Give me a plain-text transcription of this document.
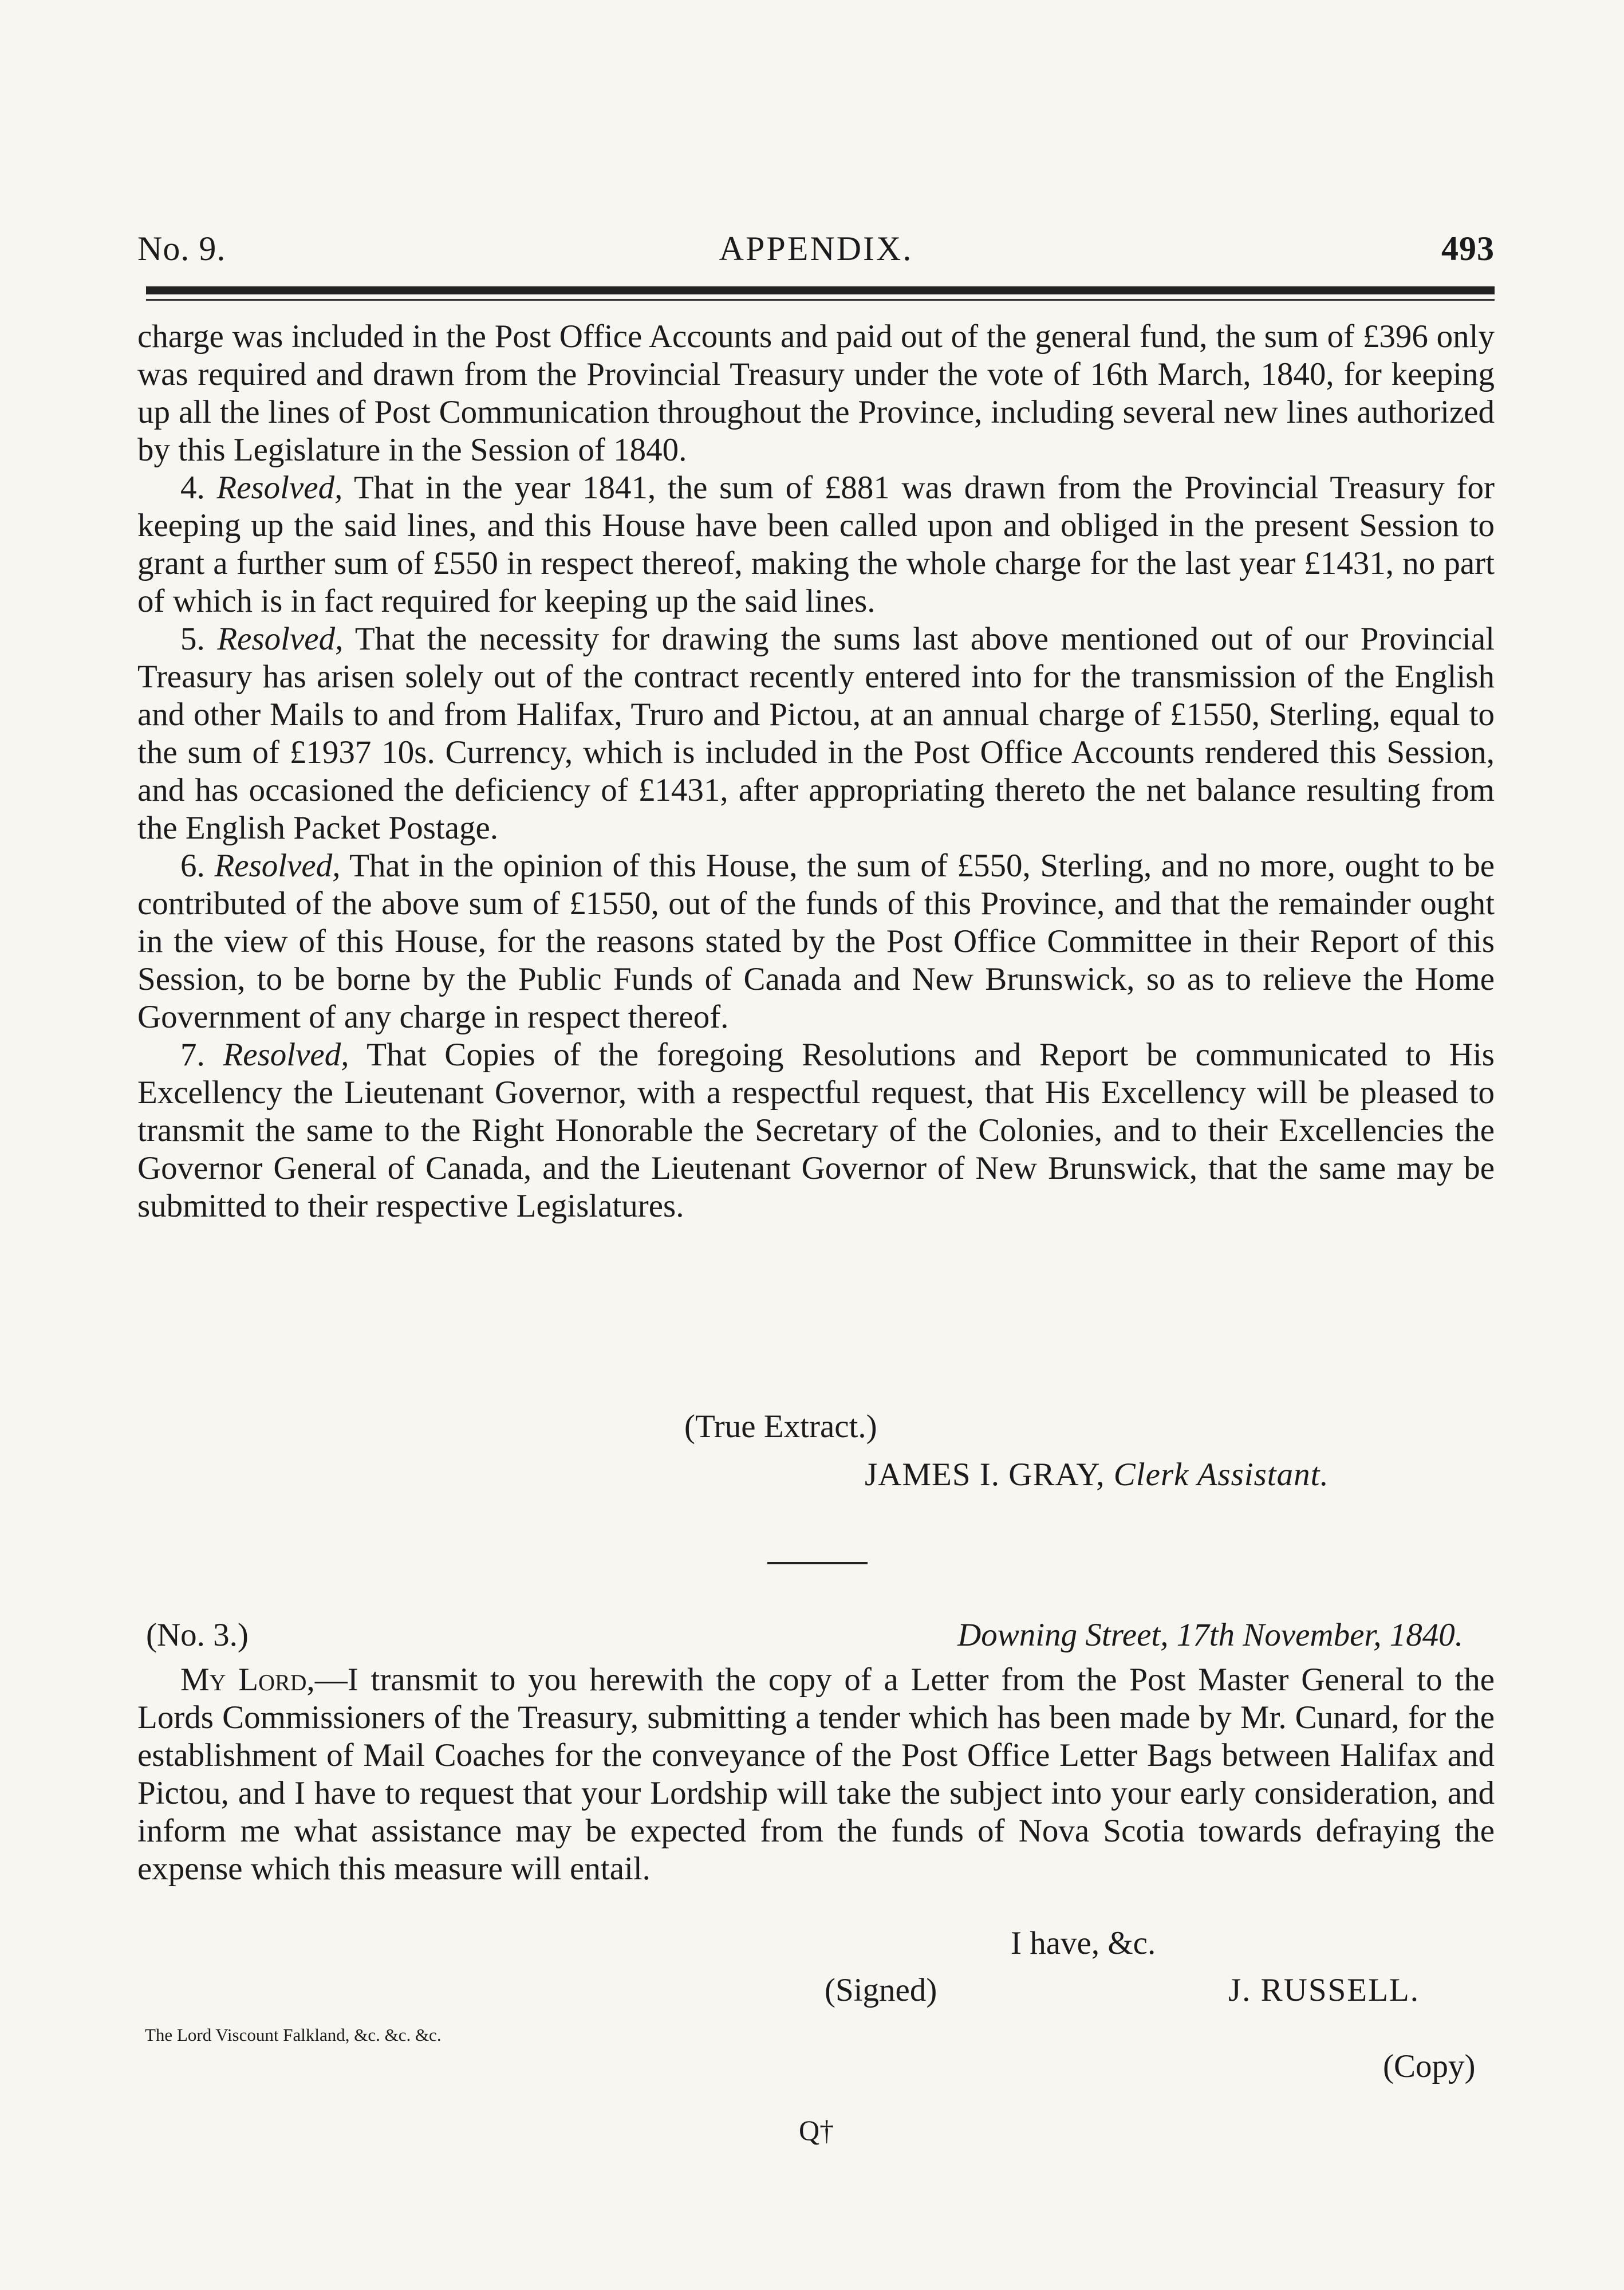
No. 9.	APPENDIX.	493

charge was included in the Post Office Accounts and paid out of the general fund, the sum of £396 only was required and drawn from the Provincial Treasury under the vote of 16th March, 1840, for keeping up all the lines of Post Communication throughout the Province, including several new lines authorized by this Legislature in the Session of 1840.

4. Resolved, That in the year 1841, the sum of £881 was drawn from the Provincial Treasury for keeping up the said lines, and this House have been called upon and obliged in the present Session to grant a further sum of £550 in respect thereof, making the whole charge for the last year £1431, no part of which is in fact required for keeping up the said lines.

5. Resolved, That the necessity for drawing the sums last above mentioned out of our Provincial Treasury has arisen solely out of the contract recently entered into for the transmission of the English and other Mails to and from Halifax, Truro and Pictou, at an annual charge of £1550, Sterling, equal to the sum of £1937 10s. Currency, which is included in the Post Office Accounts rendered this Session, and has occasioned the deficiency of £1431, after appropriating thereto the net balance resulting from the English Packet Postage.

6. Resolved, That in the opinion of this House, the sum of £550, Sterling, and no more, ought to be contributed of the above sum of £1550, out of the funds of this Province, and that the remainder ought in the view of this House, for the reasons stated by the Post Office Committee in their Report of this Session, to be borne by the Public Funds of Canada and New Brunswick, so as to relieve the Home Government of any charge in respect thereof.

7. Resolved, That Copies of the foregoing Resolutions and Report be communicated to His Excellency the Lieutenant Governor, with a respectful request, that His Excellency will be pleased to transmit the same to the Right Honorable the Secretary of the Colonies, and to their Excellencies the Governor General of Canada, and the Lieutenant Governor of New Brunswick, that the same may be submitted to their respective Legislatures.

(True Extract.)
JAMES I. GRAY, Clerk Assistant.
(No. 3.)	Downing Street, 17th November, 1840.

My Lord,—I transmit to you herewith the copy of a Letter from the Post Master General to the Lords Commissioners of the Treasury, submitting a tender which has been made by Mr. Cunard, for the establishment of Mail Coaches for the conveyance of the Post Office Letter Bags between Halifax and Pictou, and I have to request that your Lordship will take the subject into your early consideration, and inform me what assistance may be expected from the funds of Nova Scotia towards defraying the expense which this measure will entail.

I have, &c.
(Signed)	J. RUSSELL.
The Lord Viscount Falkland, &c. &c. &c.
(Copy)
Q†
